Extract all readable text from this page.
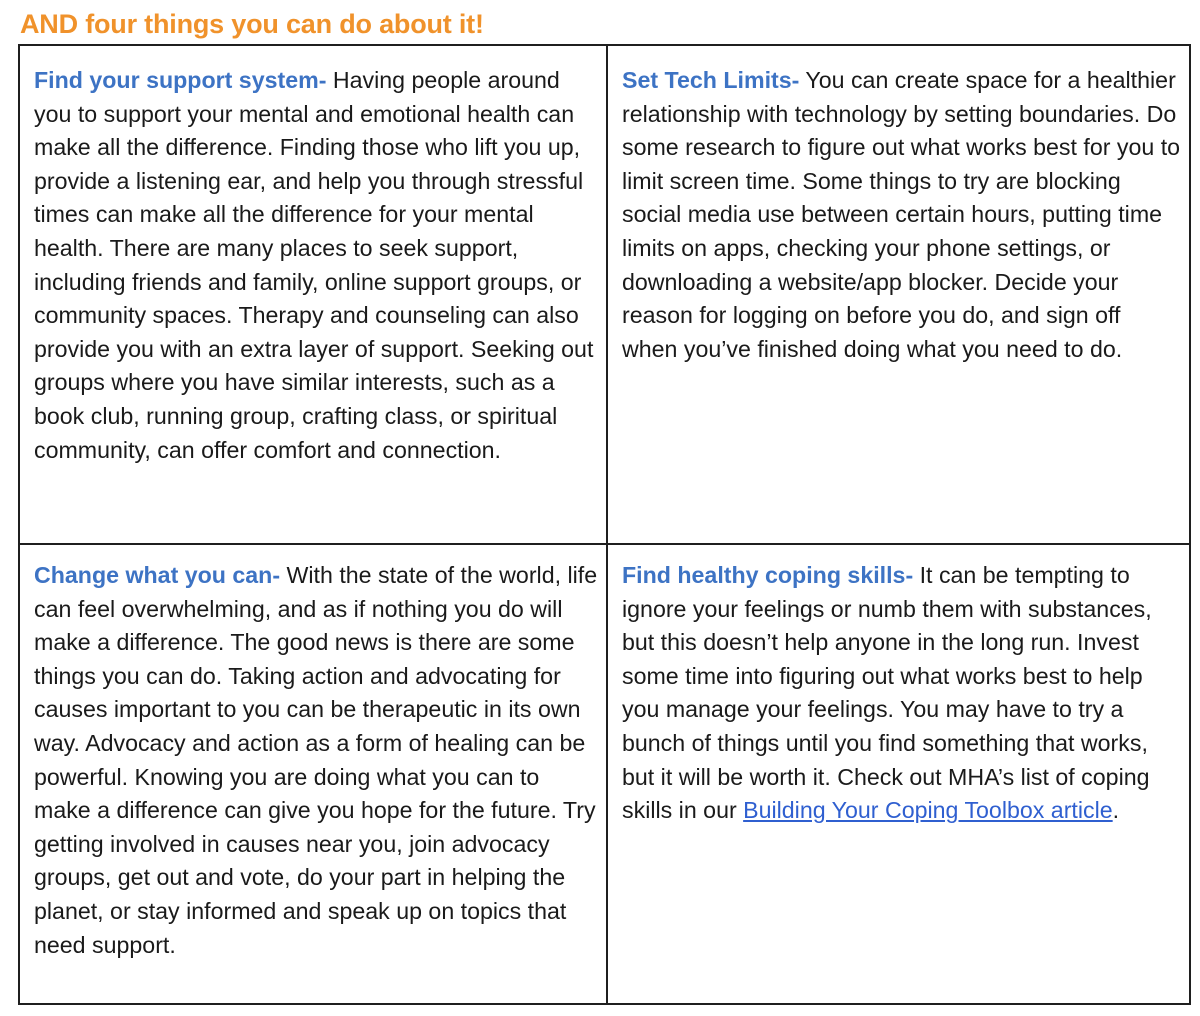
AND four things you can do about it!

Find your support system- Having people around you to support your mental and emotional health can make all the difference. Finding those who lift you up, provide a listening ear, and help you through stressful times can make all the difference for your mental health. There are many places to seek support, including friends and family, online support groups, or community spaces. Therapy and counseling can also provide you with an extra layer of support. Seeking out groups where you have similar interests, such as a book club, running group, crafting class, or spiritual community, can offer comfort and connection.

Set Tech Limits- You can create space for a healthier relationship with technology by setting boundaries. Do some research to figure out what works best for you to limit screen time. Some things to try are blocking social media use between certain hours, putting time limits on apps, checking your phone settings, or downloading a website/app blocker. Decide your reason for logging on before you do, and sign off when you’ve finished doing what you need to do.

Change what you can- With the state of the world, life can feel overwhelming, and as if nothing you do will make a difference. The good news is there are some things you can do. Taking action and advocating for causes important to you can be therapeutic in its own way. Advocacy and action as a form of healing can be powerful. Knowing you are doing what you can to make a difference can give you hope for the future. Try getting involved in causes near you, join advocacy groups, get out and vote, do your part in helping the planet, or stay informed and speak up on topics that need support.

Find healthy coping skills- It can be tempting to ignore your feelings or numb them with substances, but this doesn’t help anyone in the long run. Invest some time into figuring out what works best to help you manage your feelings. You may have to try a bunch of things until you find something that works, but it will be worth it. Check out MHA’s list of coping skills in our Building Your Coping Toolbox article.
